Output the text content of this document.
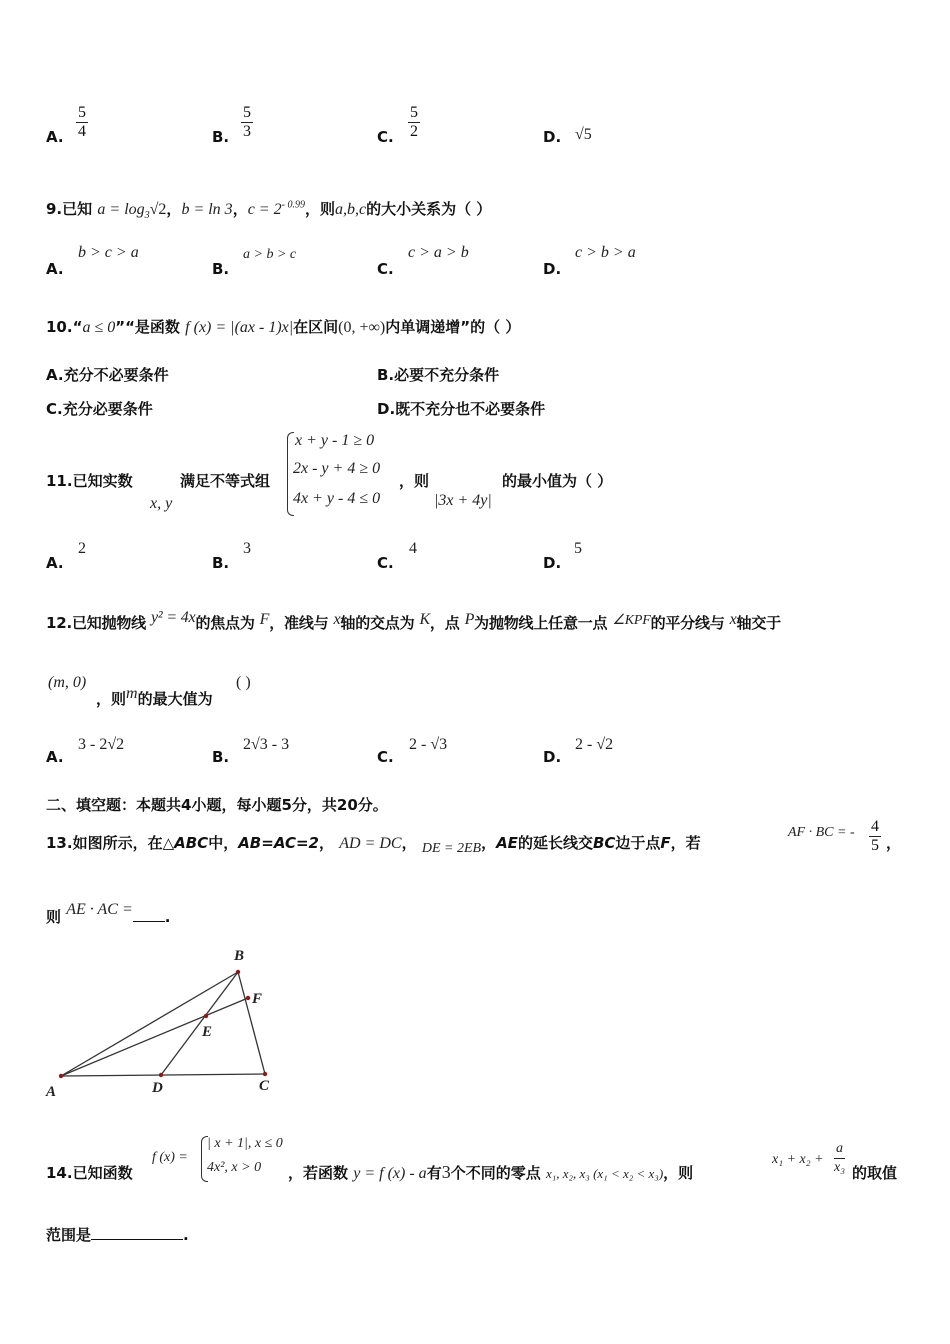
A. $\frac{5}{4}$	B. $\frac{5}{3}$	C. $\frac{5}{2}$	D. √5
9.已知 $a = \log_3√2$，b = ln 3，$c = 2^{- 0.99}$，则a,b,c的大小关系为（ ）
A.
b > c > a
B.
a > b > c
C.
c > a > b
D.
c > b > a
10.“a ≤ 0”“是函数 f (x) = |(ax - 1)x|在区间(0, +∞)内单调递增”的（ ）
A.充分不必要条件	B.必要不充分条件
C.充分必要条件	D.既不充分也不必要条件
11.已知实数
x, y
满足不等式组
x + y - 1 ≥ 0
2x - y + 4 ≥ 0
4x + y - 4 ≤ 0
，则
|3x + 4y|
的最小值为（ ）
A.
2
B.
3
C.
4
D.
5
12.已知抛物线 y² = 4x的焦点为 F，准线与 x轴的交点为 K，点 P为抛物线上任意一点 ∠KPF的平分线与 x轴交于
(m, 0)
，则m的最大值为
( )
A.
3 - 2√2
B.
2√3 - 3
C.
2 - √3
D.
2 - √2
二、填空题：本题共4小题，每小题5分，共20分。
13.如图所示，在△ABC中，AB=AC=2， AD = DC， DE = 2EB，AE的延长线交BC边于点F，若
AF · BC = - $\frac{4}{5}$ ，
则 AE · AC = .
A
B
C
D
E
F
14.已知函数
f (x) =
| x + 1|, x ≤ 0
4x², x > 0 ，若函数 y = f (x) - a有3个不同的零点 x₁, x₂, x₃ (x₁ < x₂ < x₃)，则
$x_1 + x_2 + \frac{a}{\text{x₃}}$ 的取值
范围是	.
